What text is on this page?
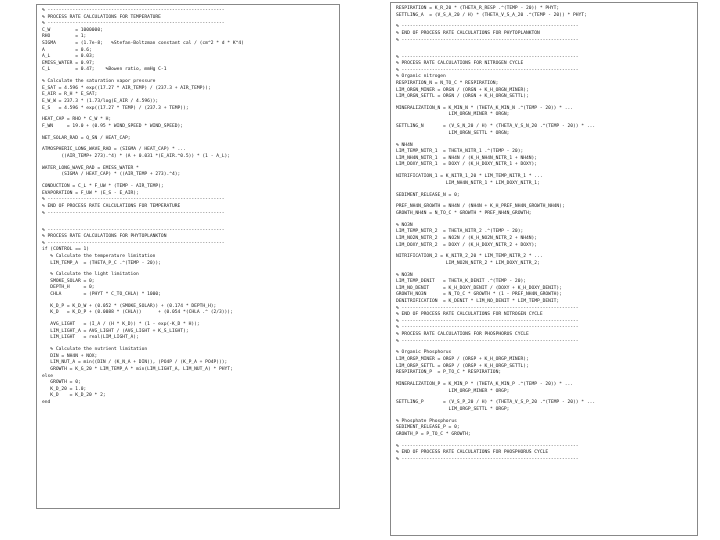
% ----------------------------------------------------------------
% PROCESS RATE CALCULATIONS FOR TEMPERATURE
% ----------------------------------------------------------------
C_W         = 1000000;
RHO         = 1;
SIGMA       = (1.7e-8;   %Stefan-Boltzman constant cal / (cm^2 * d * K^4)
A           = 0.6;
A_L         = 0.03;
EMISS_WATER = 0.97;
C_L         = 0.47;    %Bowen ratio, mmHg C-1
% Calculate the saturation vapor pressure
E_SAT = 4.596 * exp((17.27 * AIR_TEMP) / (237.3 + AIR_TEMP));
E_AIR = R_H * E_SAT;
E_W_W = 237.3 * (1.73/log(E_AIR / 4.596));
E_S   = 4.596 * exp((17.27 * TEMP) / (237.3 + TEMP));
HEAT_CAP = RHO * C_W * H;
F_WN     = 19.0 + (0.95 * WIND_SPEED * WIND_SPEED);
NET_SOLAR_RAD = Q_SN / HEAT_CAP;
ATMOSPHERIC_LONG_WAVE_RAD = (SIGMA / HEAT_CAP) * ...
((AIR_TEMP+ 273).^4) * (A + 0.031 *(E_AIR.^0.5)) * (1 - A_L);
WATER_LONG_WAVE_RAD = EMISS_WATER *
(SIGMA / HEAT_CAP) * ((AIR_TEMP + 273).^4);
CONDUCTION = C_L * F_UW * (TEMP - AIR_TEMP);
EVAPORATION = F_UW * (E_S - E_AIR);
% ----------------------------------------------------------------
% END OF PROCESS RATE CALCULATIONS FOR TEMPERATURE
% ----------------------------------------------------------------
% ----------------------------------------------------------------
% PROCESS RATE CALCULATIONS FOR PHYTOPLANKTON
% ----------------------------------------------------------------
if (CONTROL == 1)
% Calculate the temperature limitation
LIM_TEMP_A  = (THETA_P_C .^(TEMP - 20));
% Calculate the light limitation
SMOKE_SOLAR = 0;
DEPTH_H     = 0;
CHLA        = (PHYT * C_TO_CHLA) * 1000;
K_D_P = K_D_W + (0.052 * (SMOKE_SOLAR)) + (0.174 * DEPTH_H);
K_D   = K_D_P + (0.0088 * (CHLA))      + (0.054 *(CHLA .^ (2/3)));
AVG_LIGHT   = (I_A / (H * K_D)) * (1 - exp(-K_D * H));
LIM_LIGHT_A = AVG_LIGHT / (AVG_LIGHT + K_S_LIGHT);
LIM_LIGHT   = real(LIM_LIGHT_A);
% Calculate the nutrient limitation
DIN = NH4N + NOX;
LIM_NUT_A = min((DIN / (K_N_A + DIN)), (PO4P / (K_P_A + PO4P)));
GROWTH = K_G_20 * LIM_TEMP_A * min(LIM_LIGHT_A, LIM_NUT_A) * PHYT;
else
GROWTH = 0;
K_D_20 = 1.0;
K_D    = K_D_20 * 2;
end
RESPIRATION = K_R_20 * (THETA_R_RESP .^(TEMP - 20)) * PHYT;
SETTLING_A  = (V_S_A_20 / H) * (THETA_V_S_A_20 .^(TEMP - 20)) * PHYT;
% ----------------------------------------------------------------
% END OF PROCESS RATE CALCULATIONS FOR PHYTOPLANKTON
% ----------------------------------------------------------------
% ----------------------------------------------------------------
% PROCESS RATE CALCULATIONS FOR NITROGEN CYCLE
% ----------------------------------------------------------------
% Organic nitrogen
RESPIRATION_N = N_TO_C * RESPIRATION;
LIM_ORGN_MINER = ORGN / (ORGN + K_H_ORGN_MINER);
LIM_ORGN_SETTL = ORGN / (ORGN + K_H_ORGN_SETTL);
MINERALIZATION_N = K_MIN_N * (THETA_K_MIN_N .^(TEMP - 20)) * ...
LIM_ORGN_MINER * ORGN;
SETTLING_N       = (V_S_N_20 / H) * (THETA_V_S_N_20 .^(TEMP - 20)) * ...
LIM_ORGN_SETTL * ORGN;
% NH4N
LIM_TEMP_NITR_1  = THETA_NITR_1 .^(TEMP - 20);
LIM_NH4N_NITR_1  = NH4N / (K_H_NH4N_NITR_1 + NH4N);
LIM_DOXY_NITR_1  = DOXY / (K_H_DOXY_NITR_1 + DOXY);
NITRIFICATION_1 = K_NITR_1_20 * LIM_TEMP_NITR_1 * ...
LIM_NH4N_NITR_1 * LIM_DOXY_NITR_1;
SEDIMENT_RELEASE_N = 0;
PREF_NH4N_GROWTH = NH4N / (NH4N + K_H_PREF_NH4N_GROWTH_NH4N);
GROWTH_NH4N = N_TO_C * GROWTH * PREF_NH4N_GROWTH;
% NO3N
LIM_TEMP_NITR_2  = THETA_NITR_2 .^(TEMP - 20);
LIM_NO2N_NITR_2  = NO2N / (K_H_NO2N_NITR_2 + NH4N);
LIM_DOXY_NITR_2  = DOXY / (K_H_DOXY_NITR_2 + DOXY);
NITRIFICATION_2 = K_NITR_2_20 * LIM_TEMP_NITR_2 * ...
LIM_NO2N_NITR_2 * LIM_DOXY_NITR_2;
% NO3N
LIM_TEMP_DENIT   = THETA_K_DENIT .^(TEMP - 20);
LIM_NO_DENIT     = K_H_DOXY_DENIT / (DOXY + K_H_DOXY_DENIT);
GROWTH_NO3N      = N_TO_C * GROWTH * (1 - PREF_NH4N_GROWTH);
DENITRIFICATION  = K_DENIT * LIM_NO_DENIT * LIM_TEMP_DENIT;
% ----------------------------------------------------------------
% END OF PROCESS RATE CALCULATIONS FOR NITROGEN CYCLE
% ----------------------------------------------------------------
% ----------------------------------------------------------------
% PROCESS RATE CALCULATIONS FOR PHOSPHORUS CYCLE
% ----------------------------------------------------------------
% Organic Phosphorus
LIM_ORGP_MINER = ORGP / (ORGP + K_H_ORGP_MINER);
LIM_ORGP_SETTL = ORGP / (ORGP + K_H_ORGP_SETTL);
RESPIRATION_P  = P_TO_C * RESPIRATION;
MINERALIZATION_P = K_MIN_P * (THETA_K_MIN_P .^(TEMP - 20)) * ...
LIM_ORGP_MINER * ORGP;
SETTLING_P       = (V_S_P_20 / H) * (THETA_V_S_P_20 .^(TEMP - 20)) * ...
LIM_ORGP_SETTL * ORGP;
% Phosphate Phosphorus
SEDIMENT_RELEASE_P = 0;
GROWTH_P = P_TO_C * GROWTH;
% ----------------------------------------------------------------
% END OF PROCESS RATE CALCULATIONS FOR PHOSPHORUS CYCLE
% ----------------------------------------------------------------
